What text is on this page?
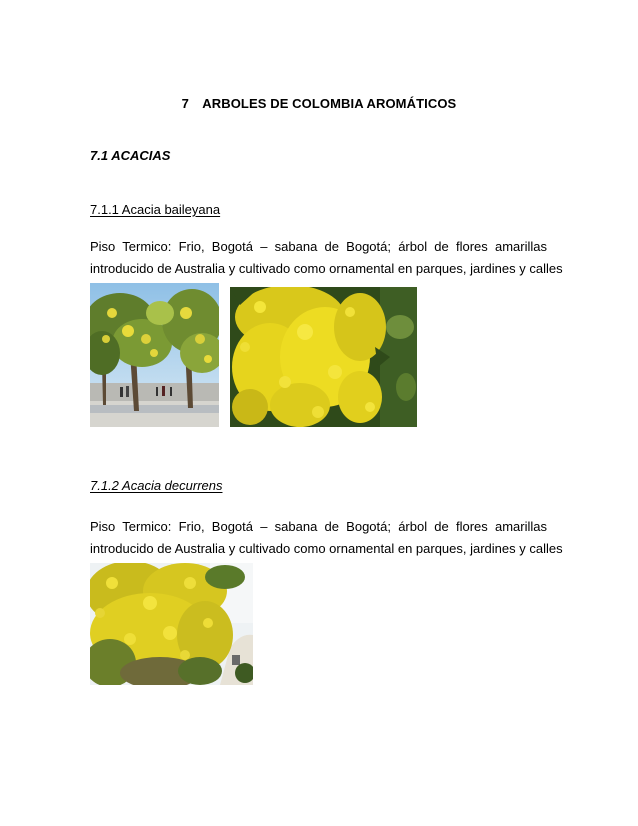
7 ARBOLES DE COLOMBIA AROMÁTICOS
7.1 ACACIAS
7.1.1 Acacia baileyana
Piso Termico: Frio, Bogotá – sabana de Bogotá; árbol de flores amarillas
introducido de Australia y cultivado como ornamental en parques, jardines y calles
7.1.2 Acacia decurrens
Piso Termico: Frio, Bogotá – sabana de Bogotá; árbol de flores amarillas
introducido de Australia y cultivado como ornamental en parques, jardines y calles
